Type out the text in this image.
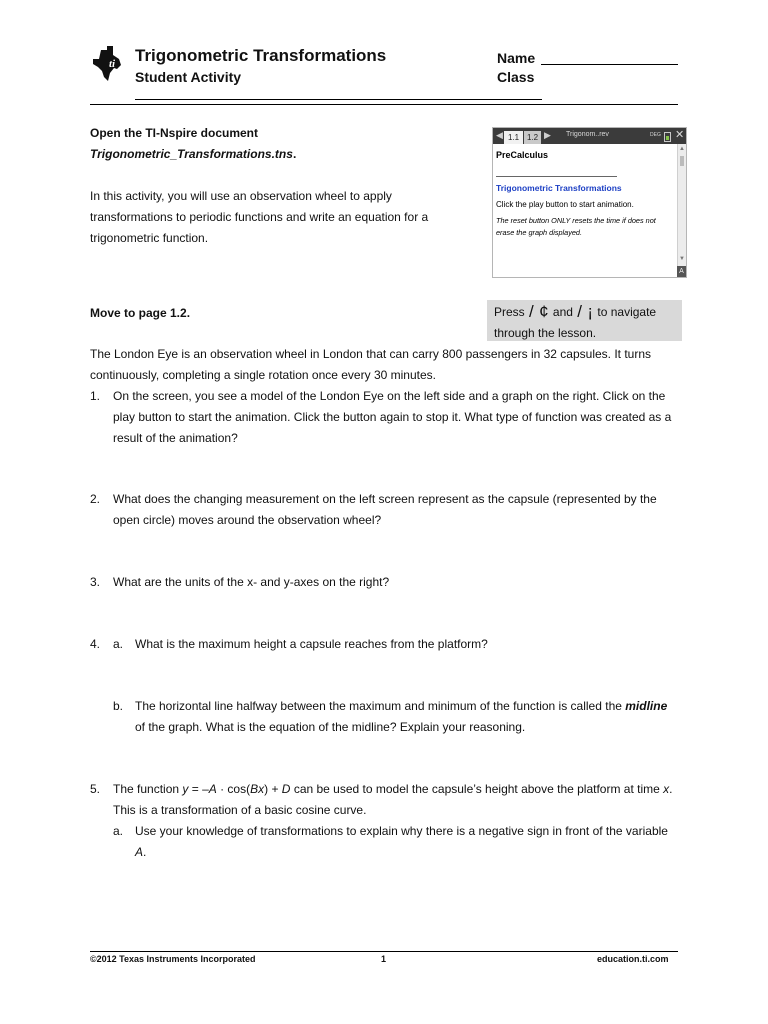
ti Trigonometric Transformations
Student Activity
Name
Class
Open the TI-Nspire document
Trigonometric_Transformations.tns.
In this activity, you will use an observation wheel to apply transformations to periodic functions and write an equation for a trigonometric function.
◀ 1.1 1.2 ▶ Trigonom..rev	DEG ✕
▲
▼
A
PreCalculus
Trigonometric Transformations
Click the play button to start animation.
The reset button ONLY resets the time if does not erase the graph displayed.
Move to page 1.2.	Press / ¢ and / ¡ to navigate
through the lesson.
The London Eye is an observation wheel in London that can carry 800 passengers in 32 capsules. It turns continuously, completing a single rotation once every 30 minutes.
1. On the screen, you see a model of the London Eye on the left side and a graph on the right. Click on the play button to start the animation. Click the button again to stop it. What type of function was created as a result of the animation?
2. What does the changing measurement on the left screen represent as the capsule (represented by the open circle) moves around the observation wheel?
3. What are the units of the x- and y-axes on the right?
4. a. What is the maximum height a capsule reaches from the platform?
b. The horizontal line halfway between the maximum and minimum of the function is called the midline of the graph. What is the equation of the midline? Explain your reasoning.
5. The function y = –A · cos(Bx) + D can be used to model the capsule’s height above the platform at time x. This is a transformation of a basic cosine curve.
a. Use your knowledge of transformations to explain why there is a negative sign in front of the variable A.
©2012 Texas Instruments Incorporated	1	education.ti.com
